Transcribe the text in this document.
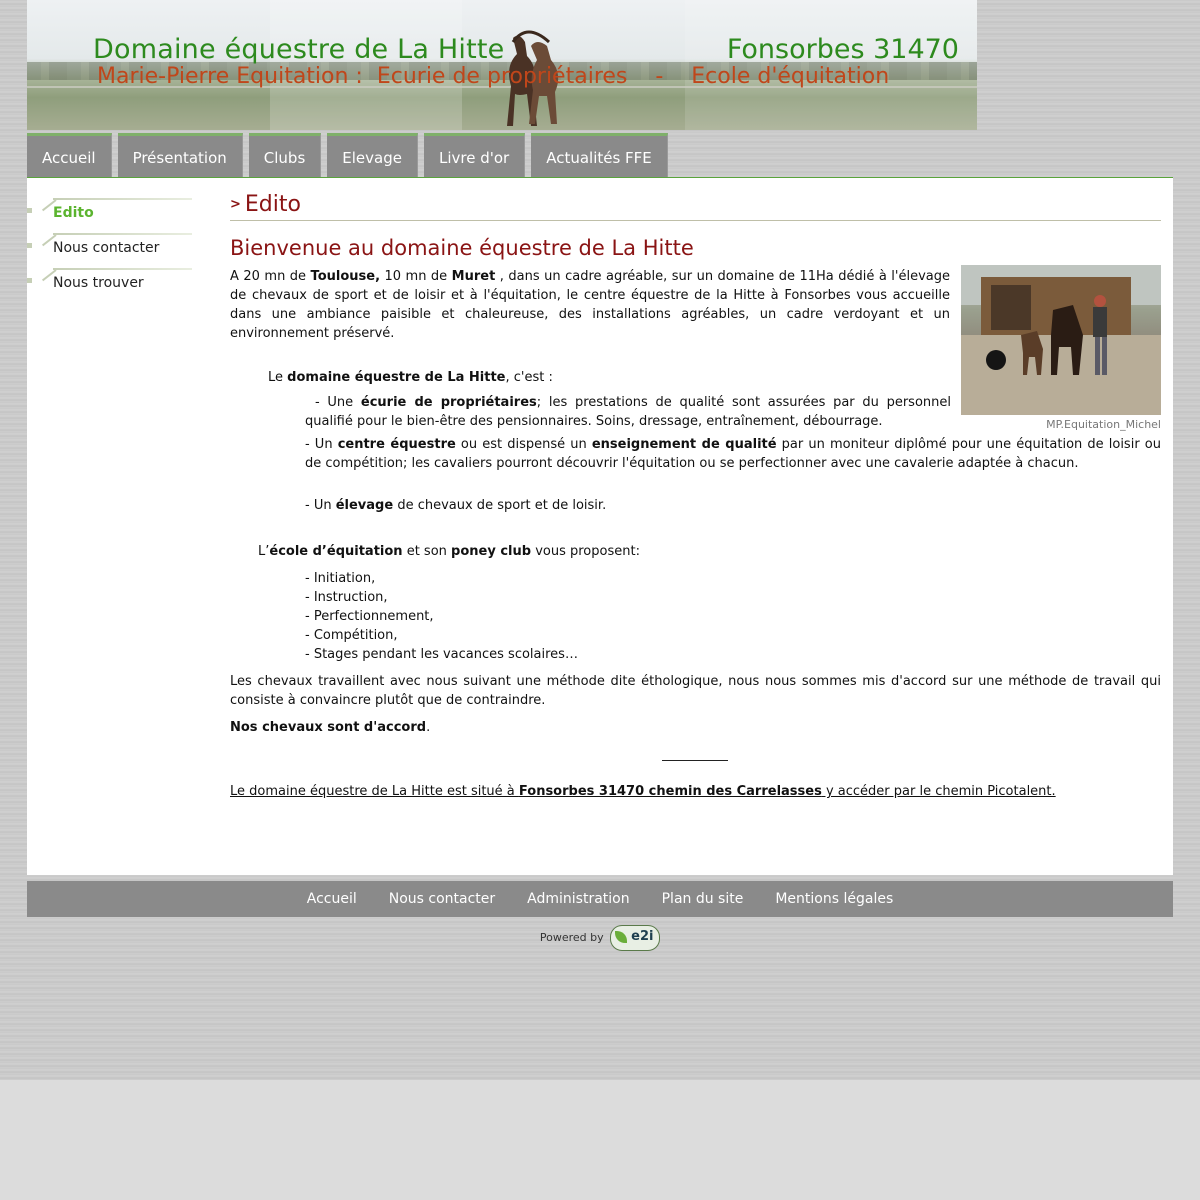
Domaine équestre de La Hitte	Fonsorbes 31470
Marie-Pierre Equitation :  Ecurie de propriétaires    -    Ecole d'équitation
Accueil	Présentation	Clubs	Elevage	Livre d'or	Actualités FFE
Edito
Nous contacter
Nous trouver
> Edito
Bienvenue au domaine équestre de La Hitte
MP.Equitation_Michel

A 20 mn de Toulouse, 10 mn de Muret , dans un cadre agréable, sur un domaine de 11Ha dédié à l'élevage de chevaux de sport et de loisir et à l'équitation, le centre équestre de la Hitte à Fonsorbes vous accueille dans une ambiance paisible et chaleureuse, des installations agréables, un cadre verdoyant et un environnement préservé.

Le domaine équestre de La Hitte, c'est :
- Une écurie de propriétaires; les prestations de qualité sont assurées par du personnel qualifié pour le bien-être des pensionnaires. Soins, dressage, entraînement, débourrage.
- Un centre équestre ou est dispensé un enseignement de qualité par un moniteur diplômé pour une équitation de loisir ou de compétition; les cavaliers pourront découvrir l'équitation ou se perfectionner avec une cavalerie adaptée à chacun.
- Un élevage de chevaux de sport et de loisir.
L’école d’équitation et son poney club vous proposent:
- Initiation,
- Instruction,
- Perfectionnement,
- Compétition,
- Stages pendant les vacances scolaires…

Les chevaux travaillent avec nous suivant une méthode dite éthologique, nous nous sommes mis d'accord sur une méthode de travail qui consiste à convaincre plutôt que de contraindre.

Nos chevaux sont d'accord.
Le domaine équestre de La Hitte est situé à Fonsorbes 31470 chemin des Carrelasses y accéder par le chemin Picotalent.
Accueil Nous contacter Administration Plan du site Mentions légales
Powered by e2i
